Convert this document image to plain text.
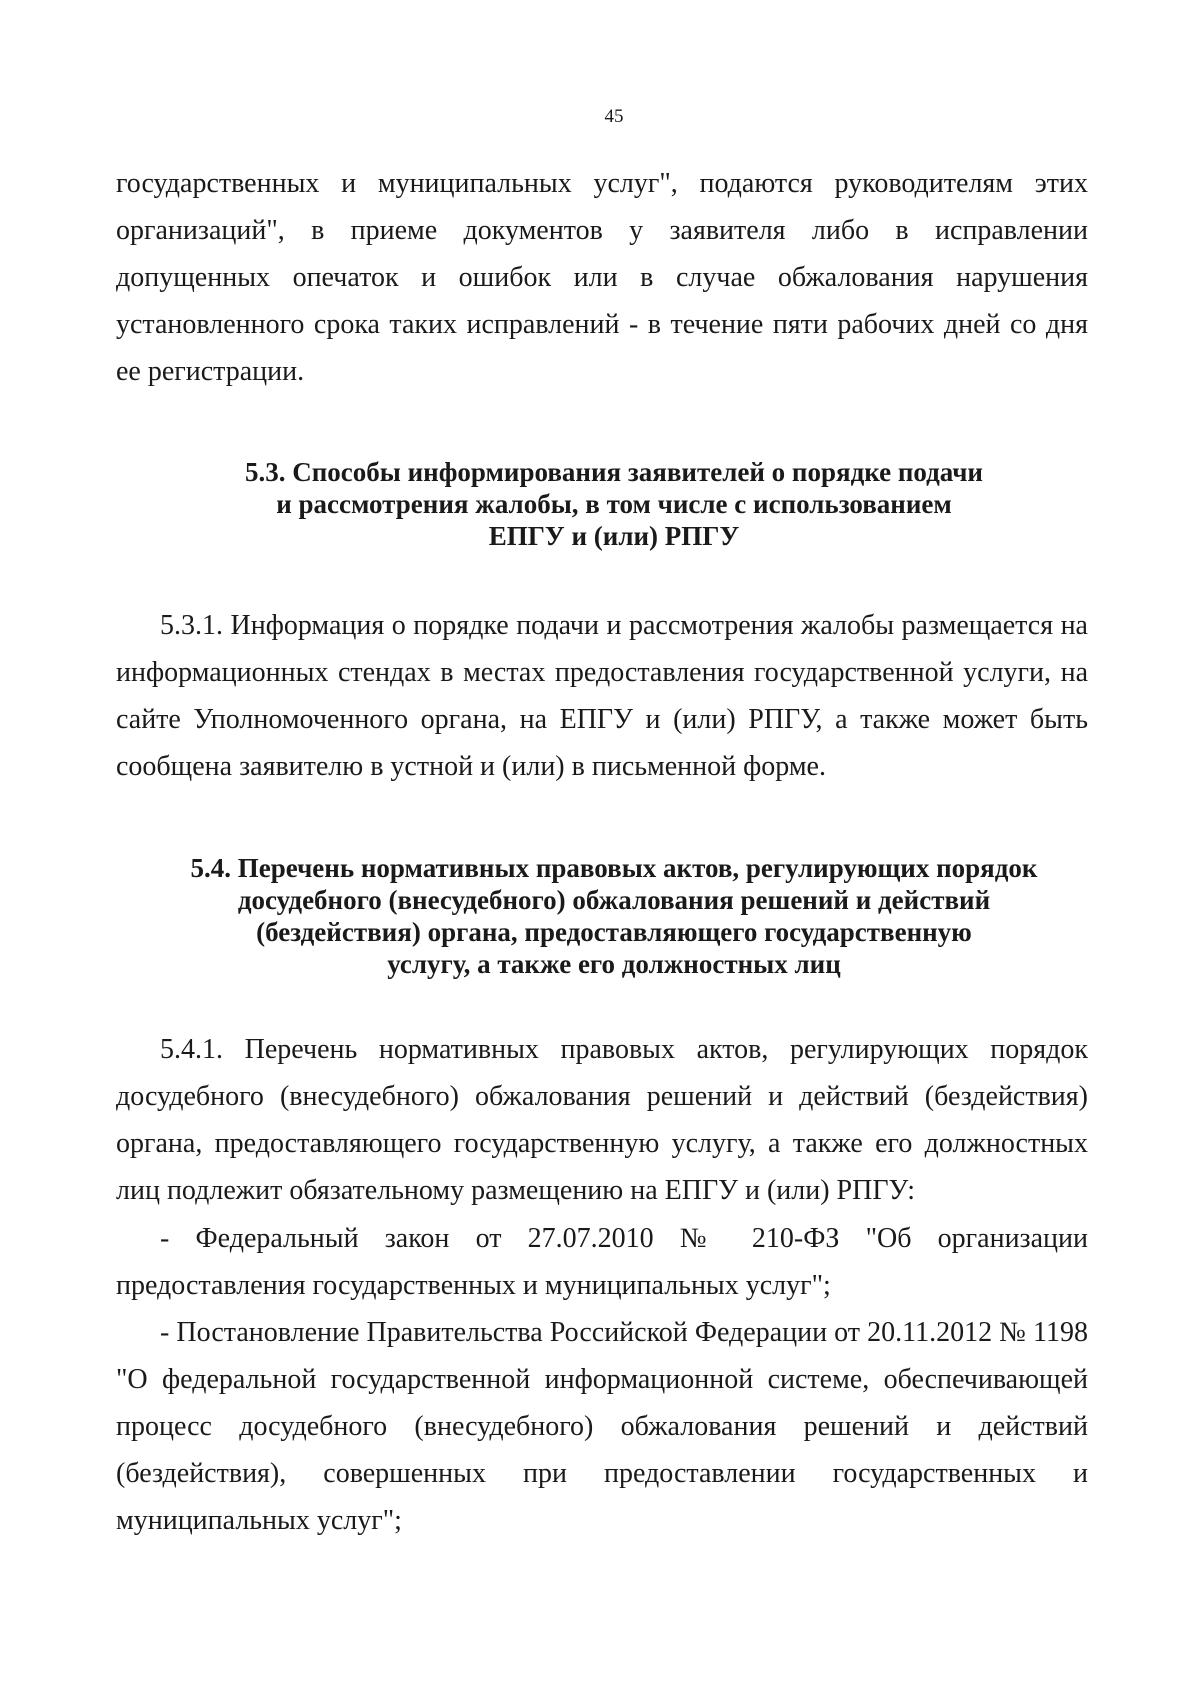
45

государственных и муниципальных услуг", подаются руководителям этих организаций", в приеме документов у заявителя либо в исправлении допущенных опечаток и ошибок или в случае обжалования нарушения установленного срока таких исправлений - в течение пяти рабочих дней со дня ее регистрации.

5.3. Способы информирования заявителей о порядке подачи
и рассмотрения жалобы, в том числе с использованием
ЕПГУ и (или) РПГУ

5.3.1. Информация о порядке подачи и рассмотрения жалобы размещается на информационных стендах в местах предоставления государственной услуги, на сайте Уполномоченного органа, на ЕПГУ и (или) РПГУ, а также может быть сообщена заявителю в устной и (или) в письменной форме.

5.4. Перечень нормативных правовых актов, регулирующих порядок
досудебного (внесудебного) обжалования решений и действий
(бездействия) органа, предоставляющего государственную
услугу, а также его должностных лиц

5.4.1. Перечень нормативных правовых актов, регулирующих порядок досудебного (внесудебного) обжалования решений и действий (бездействия) органа, предоставляющего государственную услугу, а также его должностных лиц подлежит обязательному размещению на ЕПГУ и (или) РПГУ:

- Федеральный закон от 27.07.2010 № 210-ФЗ "Об организации предоставления государственных и муниципальных услуг";

- Постановление Правительства Российской Федерации от 20.11.2012 № 1198 "О федеральной государственной информационной системе, обеспечивающей процесс досудебного (внесудебного) обжалования решений и действий (бездействия), совершенных при предоставлении государственных и муниципальных услуг";
